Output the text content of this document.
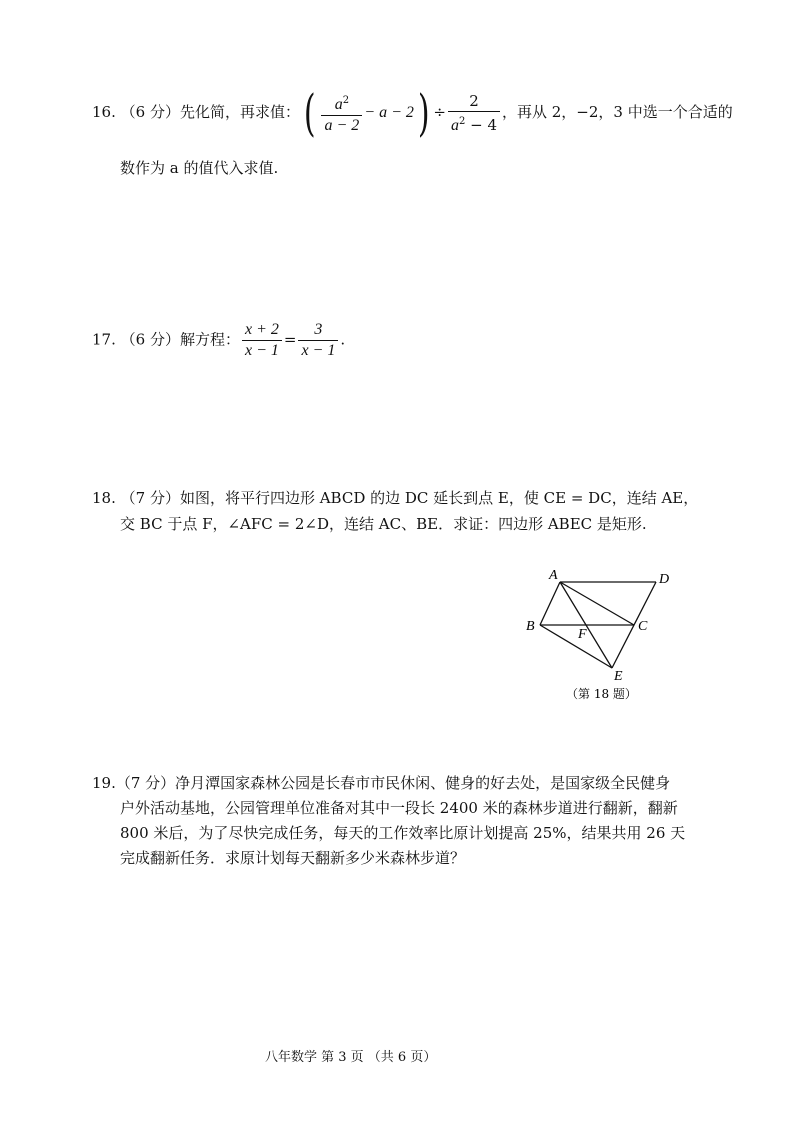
16. （6 分）先化简，再求值：( $\frac{a^2}{a - 2} - a - 2) \div \frac{2}{a^2 - 4}$ ，再从 2，−2，3 中选一个合适的
数作为 a 的值代入求值.
17. （6 分）解方程： $\frac{x + 2}{x - 1} = \frac{3}{x - 1}$ .
18. （7 分）如图，将平行四边形 ABCD 的边 DC 延长到点 E，使 CE = DC，连结 AE，
交 BC 于点 F，∠AFC = 2∠D，连结 AC、BE．求证：四边形 ABEC 是矩形.
A	D
B	C
F
E
（第 18 题）
19.（7 分）净月潭国家森林公园是长春市市民休闲、健身的好去处，是国家级全民健身
户外活动基地，公园管理单位准备对其中一段长 2400 米的森林步道进行翻新，翻新
800 米后，为了尽快完成任务，每天的工作效率比原计划提高 25%，结果共用 26 天
完成翻新任务．求原计划每天翻新多少米森林步道？
八年数学 第 3 页 （共 6 页）
